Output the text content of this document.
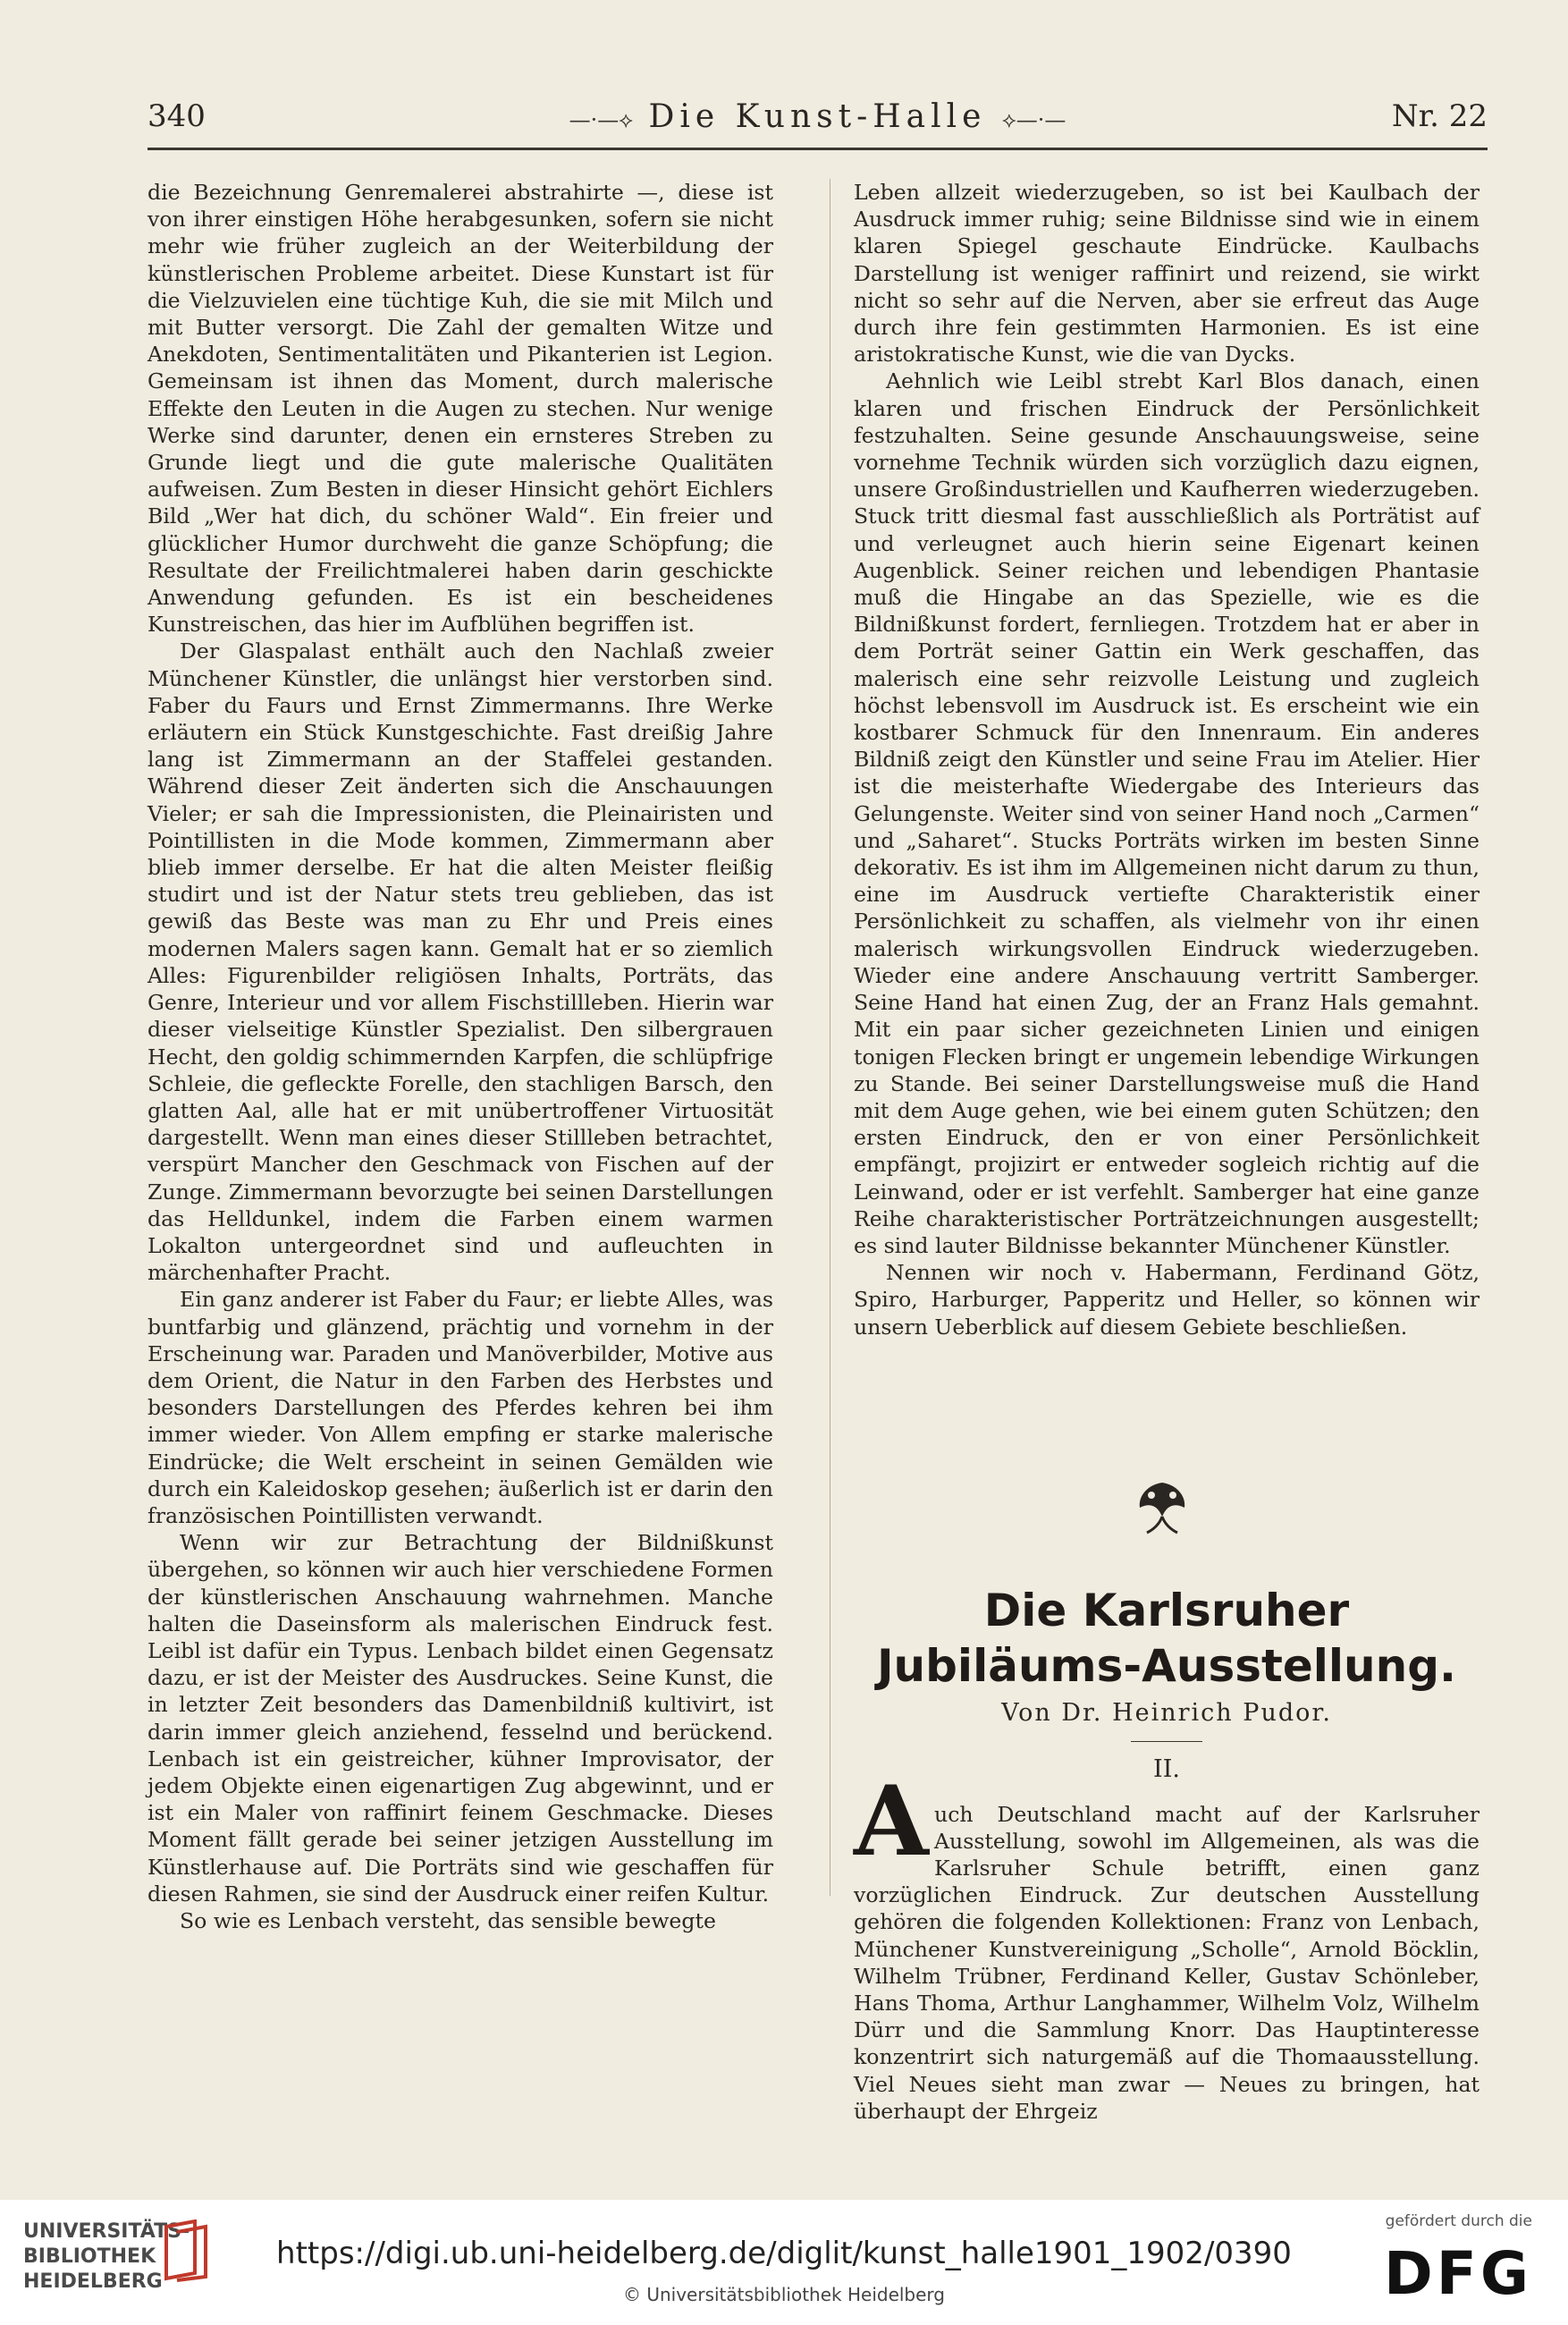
340	—·—⟡ Die Kunst-Halle ⟡—·—	Nr. 22

die Bezeichnung Genremalerei abstrahirte —, diese ist von ihrer einstigen Höhe herabgesunken, sofern sie nicht mehr wie früher zugleich an der Weiterbildung der künstlerischen Probleme arbeitet. Diese Kunstart ist für die Vielzuvielen eine tüchtige Kuh, die sie mit Milch und mit Butter versorgt. Die Zahl der gemalten Witze und Anekdoten, Sentimentalitäten und Pikanterien ist Legion. Gemeinsam ist ihnen das Moment, durch malerische Effekte den Leuten in die Augen zu stechen. Nur wenige Werke sind darunter, denen ein ernsteres Streben zu Grunde liegt und die gute malerische Qualitäten aufweisen. Zum Besten in dieser Hinsicht gehört Eichlers Bild „Wer hat dich, du schöner Wald“. Ein freier und glücklicher Humor durchweht die ganze Schöpfung; die Resultate der Freilichtmalerei haben darin geschickte Anwendung gefunden. Es ist ein bescheidenes Kunstreischen, das hier im Aufblühen begriffen ist.

Der Glaspalast enthält auch den Nachlaß zweier Münchener Künstler, die unlängst hier verstorben sind. Faber du Faurs und Ernst Zimmermanns. Ihre Werke erläutern ein Stück Kunstgeschichte. Fast dreißig Jahre lang ist Zimmermann an der Staffelei gestanden. Während dieser Zeit änderten sich die Anschauungen Vieler; er sah die Impressionisten, die Pleinairisten und Pointillisten in die Mode kommen, Zimmermann aber blieb immer derselbe. Er hat die alten Meister fleißig studirt und ist der Natur stets treu geblieben, das ist gewiß das Beste was man zu Ehr und Preis eines modernen Malers sagen kann. Gemalt hat er so ziemlich Alles: Figurenbilder religiösen Inhalts, Porträts, das Genre, Interieur und vor allem Fischstillleben. Hierin war dieser vielseitige Künstler Spezialist. Den silbergrauen Hecht, den goldig schimmernden Karpfen, die schlüpfrige Schleie, die gefleckte Forelle, den stachligen Barsch, den glatten Aal, alle hat er mit unübertroffener Virtuosität dargestellt. Wenn man eines dieser Stillleben betrachtet, verspürt Mancher den Geschmack von Fischen auf der Zunge. Zimmermann bevorzugte bei seinen Darstellungen das Helldunkel, indem die Farben einem warmen Lokalton untergeordnet sind und aufleuchten in märchenhafter Pracht.

Ein ganz anderer ist Faber du Faur; er liebte Alles, was buntfarbig und glänzend, prächtig und vornehm in der Erscheinung war. Paraden und Manöverbilder, Motive aus dem Orient, die Natur in den Farben des Herbstes und besonders Darstellungen des Pferdes kehren bei ihm immer wieder. Von Allem empfing er starke malerische Eindrücke; die Welt erscheint in seinen Gemälden wie durch ein Kaleidoskop gesehen; äußerlich ist er darin den französischen Pointillisten verwandt.

Wenn wir zur Betrachtung der Bildnißkunst übergehen, so können wir auch hier verschiedene Formen der künstlerischen Anschauung wahrnehmen. Manche halten die Daseinsform als malerischen Eindruck fest. Leibl ist dafür ein Typus. Lenbach bildet einen Gegensatz dazu, er ist der Meister des Ausdruckes. Seine Kunst, die in letzter Zeit besonders das Damenbildniß kultivirt, ist darin immer gleich anziehend, fesselnd und berückend. Lenbach ist ein geistreicher, kühner Improvisator, der jedem Objekte einen eigenartigen Zug abgewinnt, und er ist ein Maler von raffinirt feinem Geschmacke. Dieses Moment fällt gerade bei seiner jetzigen Ausstellung im Künstlerhause auf. Die Porträts sind wie geschaffen für diesen Rahmen, sie sind der Ausdruck einer reifen Kultur.

So wie es Lenbach versteht, das sensible bewegte

Leben allzeit wiederzugeben, so ist bei Kaulbach der Ausdruck immer ruhig; seine Bildnisse sind wie in einem klaren Spiegel geschaute Eindrücke. Kaulbachs Darstellung ist weniger raffinirt und reizend, sie wirkt nicht so sehr auf die Nerven, aber sie erfreut das Auge durch ihre fein gestimmten Harmonien. Es ist eine aristokratische Kunst, wie die van Dycks.

Aehnlich wie Leibl strebt Karl Blos danach, einen klaren und frischen Eindruck der Persönlichkeit festzuhalten. Seine gesunde Anschauungsweise, seine vornehme Technik würden sich vorzüglich dazu eignen, unsere Großindustriellen und Kaufherren wiederzugeben. Stuck tritt diesmal fast ausschließlich als Porträtist auf und verleugnet auch hierin seine Eigenart keinen Augenblick. Seiner reichen und lebendigen Phantasie muß die Hingabe an das Spezielle, wie es die Bildnißkunst fordert, fernliegen. Trotzdem hat er aber in dem Porträt seiner Gattin ein Werk geschaffen, das malerisch eine sehr reizvolle Leistung und zugleich höchst lebensvoll im Ausdruck ist. Es erscheint wie ein kostbarer Schmuck für den Innenraum. Ein anderes Bildniß zeigt den Künstler und seine Frau im Atelier. Hier ist die meisterhafte Wiedergabe des Interieurs das Gelungenste. Weiter sind von seiner Hand noch „Carmen“ und „Saharet“. Stucks Porträts wirken im besten Sinne dekorativ. Es ist ihm im Allgemeinen nicht darum zu thun, eine im Ausdruck vertiefte Charakteristik einer Persönlichkeit zu schaffen, als vielmehr von ihr einen malerisch wirkungsvollen Eindruck wiederzugeben. Wieder eine andere Anschauung vertritt Samberger. Seine Hand hat einen Zug, der an Franz Hals gemahnt. Mit ein paar sicher gezeichneten Linien und einigen tonigen Flecken bringt er ungemein lebendige Wirkungen zu Stande. Bei seiner Darstellungsweise muß die Hand mit dem Auge gehen, wie bei einem guten Schützen; den ersten Eindruck, den er von einer Persönlichkeit empfängt, projizirt er entweder sogleich richtig auf die Leinwand, oder er ist verfehlt. Samberger hat eine ganze Reihe charakteristischer Porträtzeichnungen ausgestellt; es sind lauter Bildnisse bekannter Münchener Künstler.

Nennen wir noch v. Habermann, Ferdinand Götz, Spiro, Harburger, Papperitz und Heller, so können wir unsern Ueberblick auf diesem Gebiete beschließen.

Die Karlsruher Jubiläums-Ausstellung.
Von Dr. Heinrich Pudor.
II.
A uch Deutschland macht auf der Karlsruher Ausstellung, sowohl im Allgemeinen, als was die Karlsruher Schule betrifft, einen ganz vorzüglichen Eindruck. Zur deutschen Ausstellung gehören die folgenden Kollektionen: Franz von Lenbach, Münchener Kunstvereinigung „Scholle“, Arnold Böcklin, Wilhelm Trübner, Ferdinand Keller, Gustav Schönleber, Hans Thoma, Arthur Langhammer, Wilhelm Volz, Wilhelm Dürr und die Sammlung Knorr. Das Hauptinteresse konzentrirt sich naturgemäß auf die Thomaausstellung. Viel Neues sieht man zwar — Neues zu bringen, hat überhaupt der Ehrgeiz

UNIVERSITÄTS-
BIBLIOTHEK
HEIDELBERG
https://digi.ub.uni-heidelberg.de/diglit/kunst_halle1901_1902/0390
© Universitätsbibliothek Heidelberg
gefördert durch die
DFG
